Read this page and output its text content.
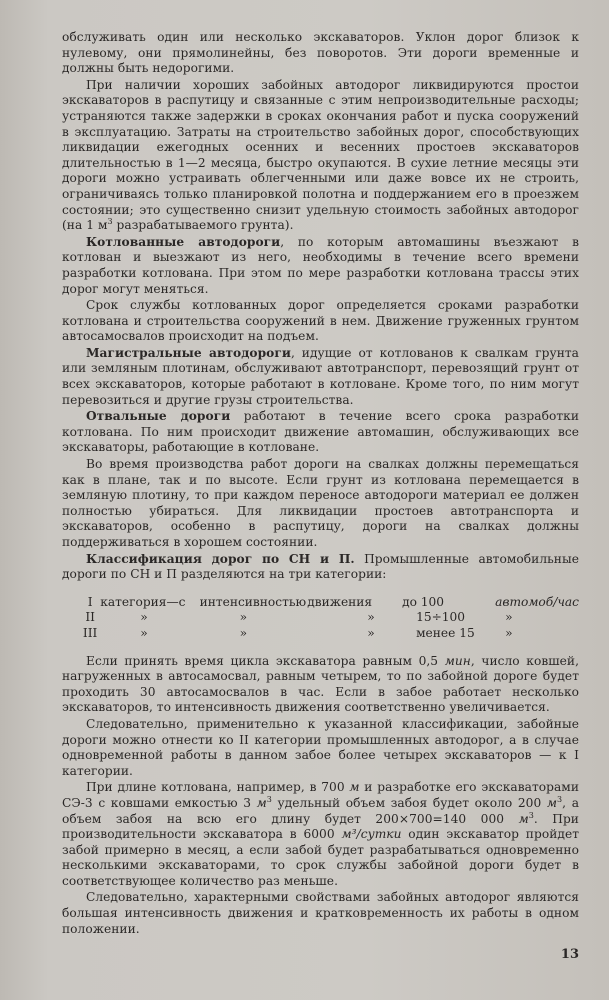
обслуживать один или несколько экскаваторов. Уклон дорог близок к нулевому, они прямолинейны, без поворотов. Эти дороги временные и должны быть недорогими.

При наличии хороших забойных автодорог ликвидируются простои экскаваторов в распутицу и связанные с этим непроизводительные расходы; устраняются также задержки в сроках окончания работ и пуска сооружений в эксплуатацию. Затраты на строительство забойных дорог, способствующих ликвидации ежегодных осенних и весенних простоев экскаваторов длительностью в 1—2 месяца, быстро окупаются. В сухие летние месяцы эти дороги можно устраивать облегченными или даже вовсе их не строить, ограничиваясь только планировкой полотна и поддержанием его в проезжем состоянии; это существенно снизит удельную стоимость забойных автодорог (на 1 $м^3$ разрабатываемого грунта).

Котлованные автодороги, по которым автомашины въезжают в котлован и выезжают из него, необходимы в течение всего времени разработки котлована. При этом по мере разработки котлована трассы этих дорог могут меняться.

Срок службы котлованных дорог определяется сроками разработки котлована и строительства сооружений в нем. Движение груженных грунтом автосамосвалов происходит на подъем.

Магистральные автодороги, идущие от котлованов к свалкам грунта или земляным плотинам, обслуживают автотранспорт, перевозящий грунт от всех экскаваторов, которые работают в котловане. Кроме того, по ним могут перевозиться и другие грузы строительства.

Отвальные дороги работают в течение всего срока разработки котлована. По ним происходит движение автомашин, обслуживающих все экскаваторы, работающие в котловане.

Во время производства работ дороги на свалках должны перемещаться как в плане, так и по высоте. Если грунт из котлована перемещается в земляную плотину, то при каждом переносе автодороги материал ее должен полностью убираться. Для ликвидации простоев автотранспорта и экскаваторов, особенно в распутицу, дороги на свалках должны поддерживаться в хорошем состоянии.

Классификация дорог по СН и П. Промышленные автомобильные дороги по СН и П разделяются на три категории:

I	категория—с	интенсивностью	движения	до 100	автомоб/час
II	»	»	»	15÷100	»
III	»	»	»	менее 15	»

Если принять время цикла экскаватора равным 0,5 мин, число ковшей, нагруженных в автосамосвал, равным четырем, то по забойной дороге будет проходить 30 автосамосвалов в час. Если в забое работает несколько экскаваторов, то интенсивность движения соответственно увеличивается.

Следовательно, применительно к указанной классификации, забойные дороги можно отнести ко II категории промышленных автодорог, а в случае одновременной работы в данном забое более четырех экскаваторов — к I категории.

При длине котлована, например, в 700 м и разработке его экскаваторами СЭ-3 с ковшами емкостью 3 $м^3$ удельный объем забоя будет около 200 $м^3$, а объем забоя на всю его длину будет 200×700=140 000 $м^3$. При производительности экскаватора в 6000 м³/сутки один экскаватор пройдет забой примерно в месяц, а если забой будет разрабатываться одновременно несколькими экскаваторами, то срок службы забойной дороги будет в соответствующее количество раз меньше.

Следовательно, характерными свойствами забойных автодорог являются большая интенсивность движения и кратковременность их работы в одном положении.

13
